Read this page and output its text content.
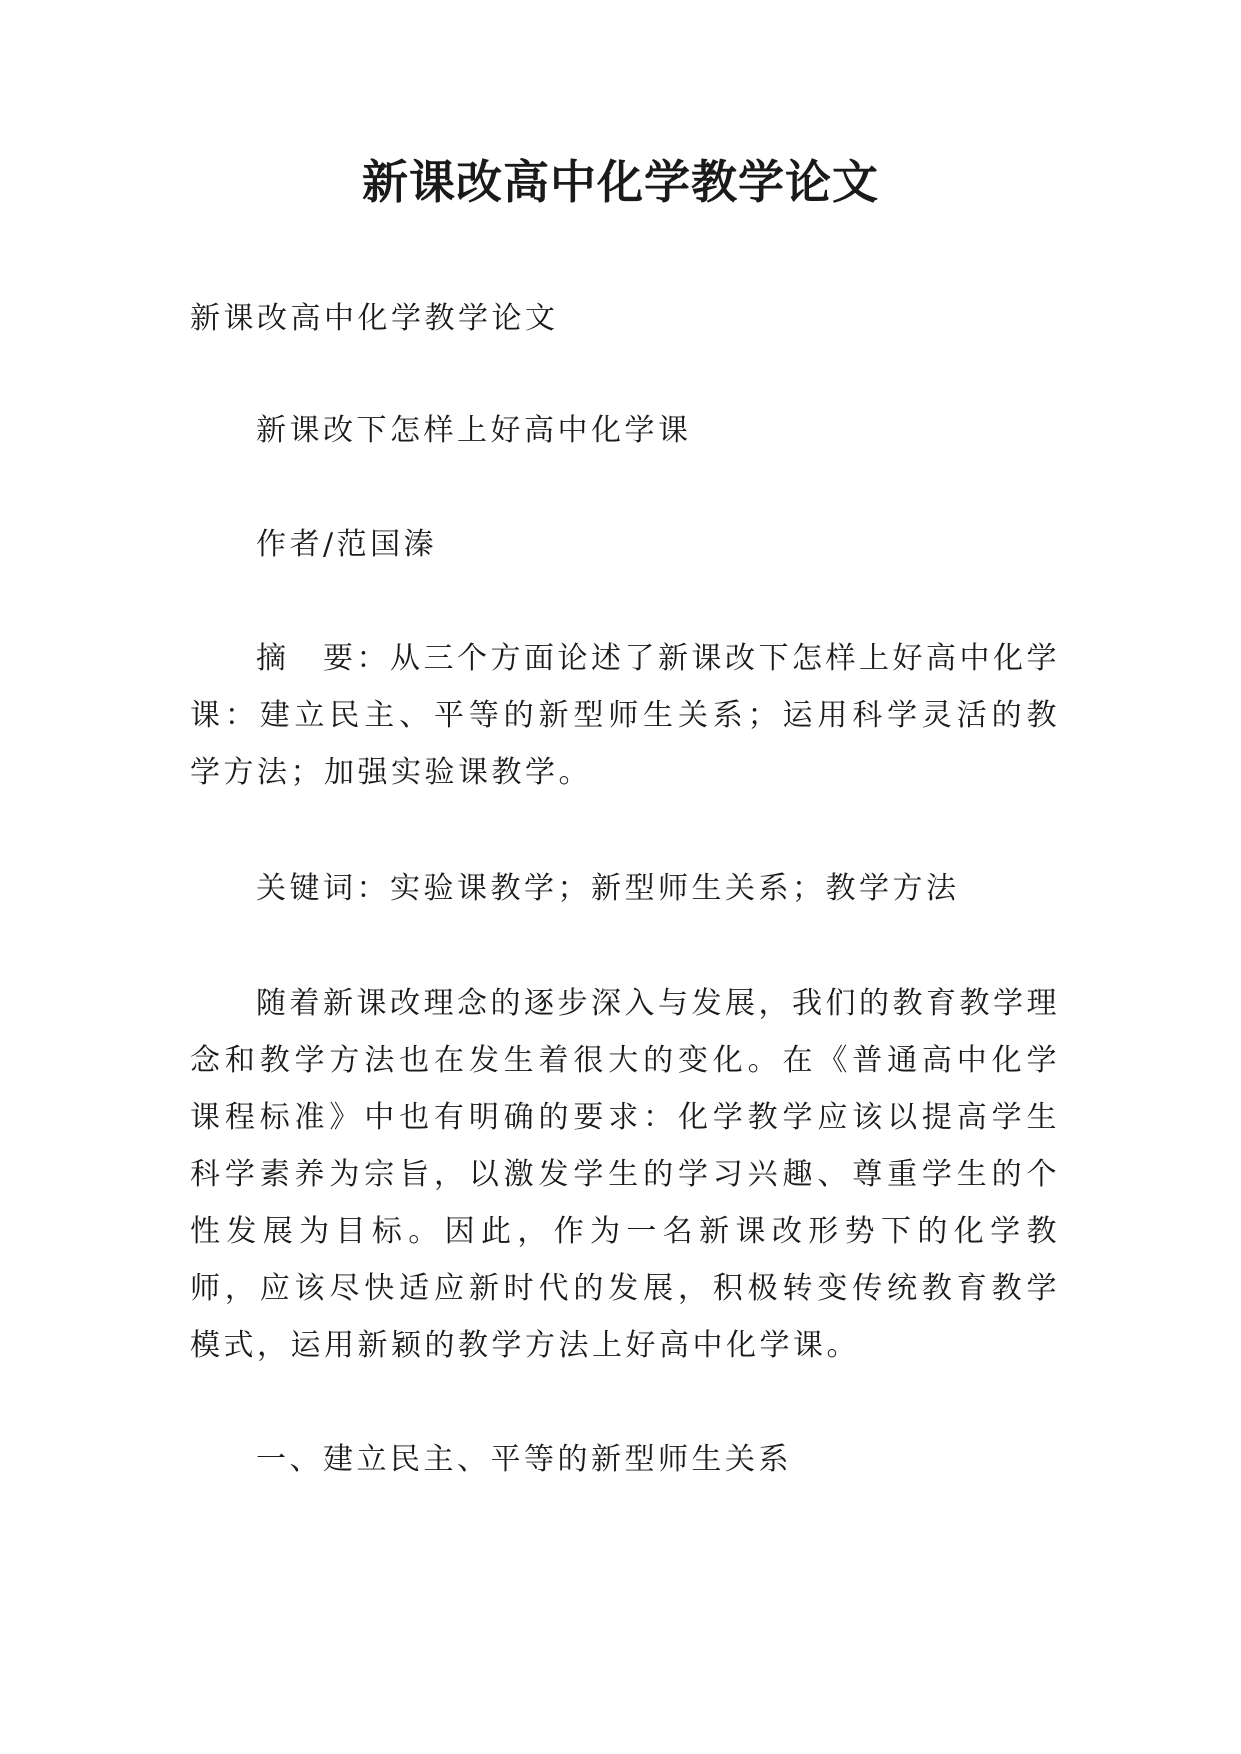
新课改高中化学教学论文

新课改高中化学教学论文

新课改下怎样上好高中化学课

作者/范国溱

摘　要：从三个方面论述了新课改下怎样上好高中化学课：建立民主、平等的新型师生关系；运用科学灵活的教学方法；加强实验课教学。

关键词：实验课教学；新型师生关系；教学方法

随着新课改理念的逐步深入与发展，我们的教育教学理念和教学方法也在发生着很大的变化。在《普通高中化学课程标准》中也有明确的要求：化学教学应该以提高学生科学素养为宗旨，以激发学生的学习兴趣、尊重学生的个性发展为目标。因此，作为一名新课改形势下的化学教师，应该尽快适应新时代的发展，积极转变传统教育教学模式，运用新颖的教学方法上好高中化学课。

一、建立民主、平等的新型师生关系
